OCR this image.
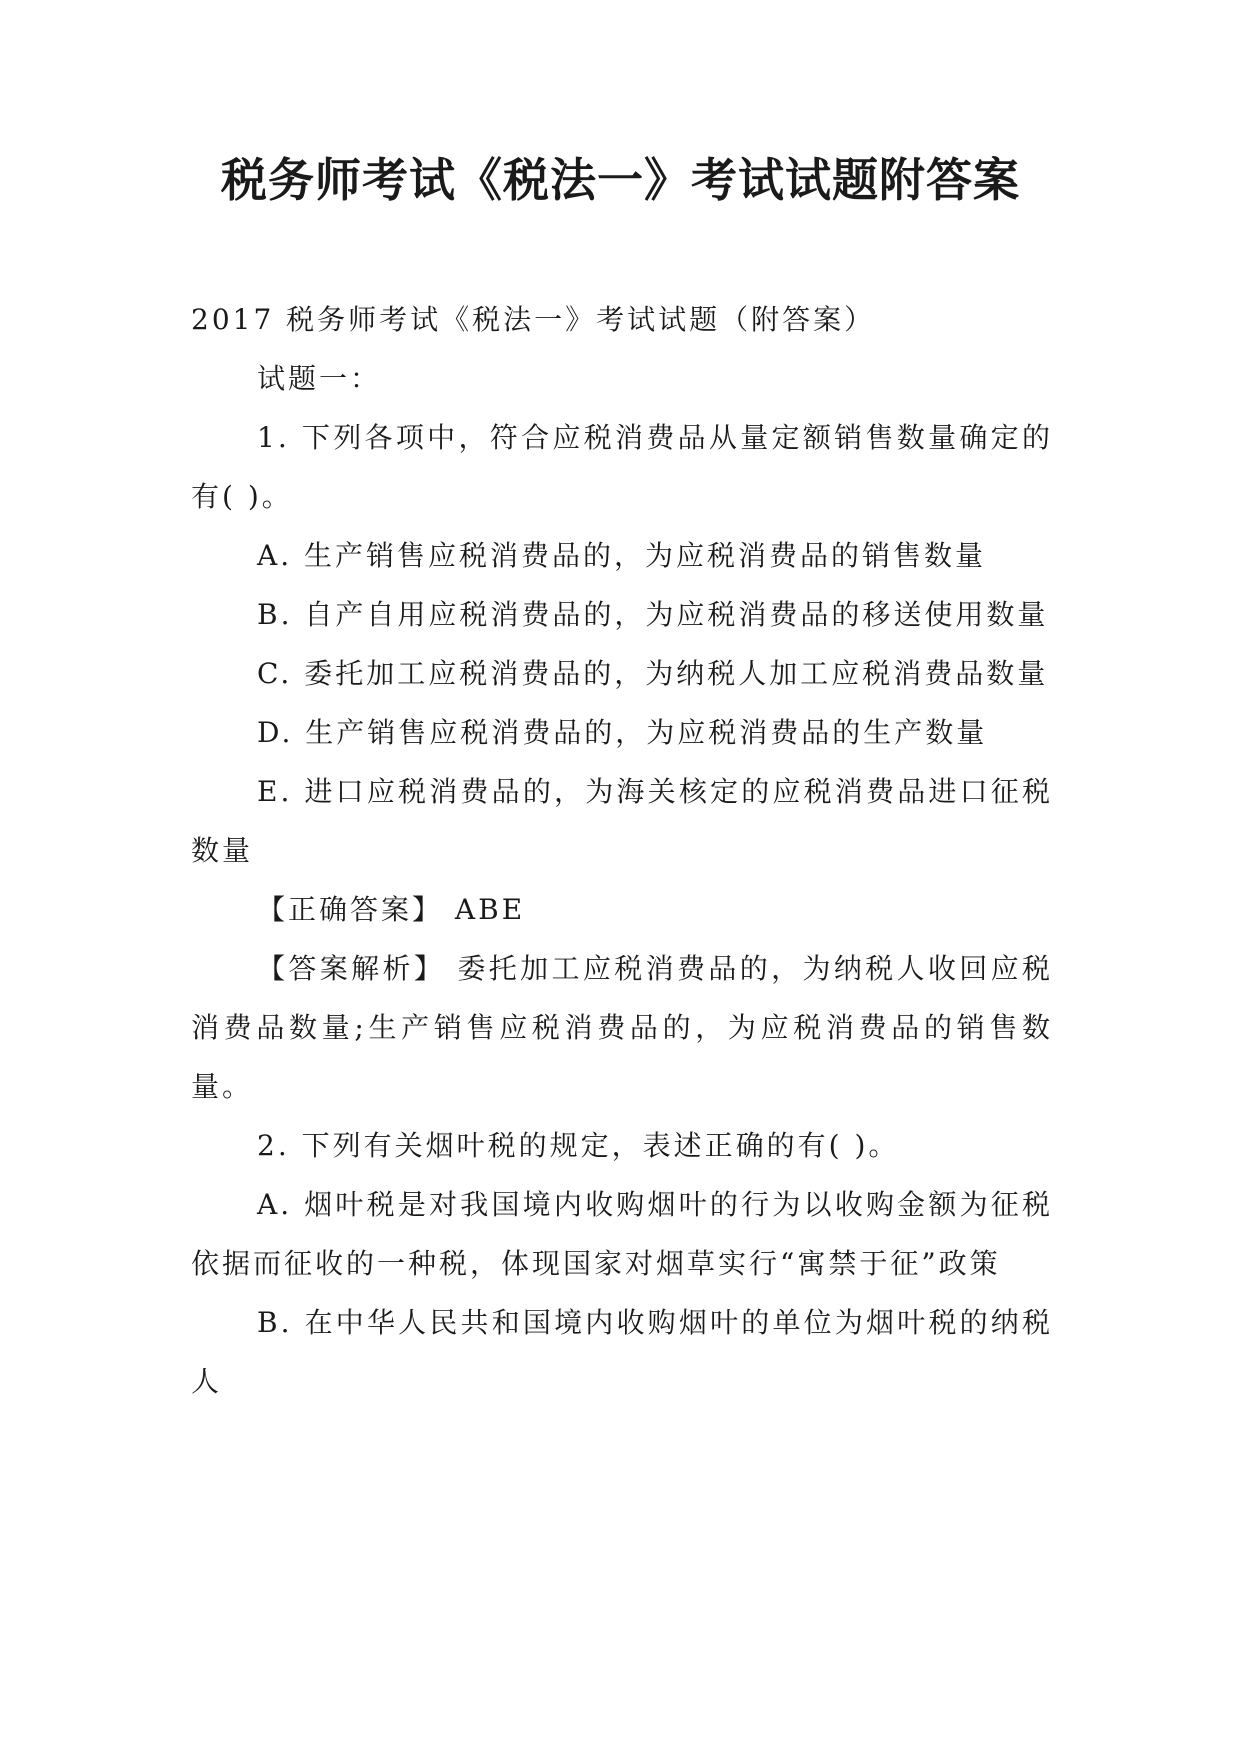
税务师考试《税法一》考试试题附答案

2017 税务师考试《税法一》考试试题（附答案）

试题一：

1. 下列各项中，符合应税消费品从量定额销售数量确定的有( )。

A. 生产销售应税消费品的，为应税消费品的销售数量

B. 自产自用应税消费品的，为应税消费品的移送使用数量

C. 委托加工应税消费品的，为纳税人加工应税消费品数量

D. 生产销售应税消费品的，为应税消费品的生产数量

E. 进口应税消费品的，为海关核定的应税消费品进口征税数量

【正确答案】 ABE

【答案解析】 委托加工应税消费品的，为纳税人收回应税消费品数量;生产销售应税消费品的，为应税消费品的销售数量。

2. 下列有关烟叶税的规定，表述正确的有( )。

A. 烟叶税是对我国境内收购烟叶的行为以收购金额为征税依据而征收的一种税，体现国家对烟草实行“寓禁于征”政策

B. 在中华人民共和国境内收购烟叶的单位为烟叶税的纳税人
